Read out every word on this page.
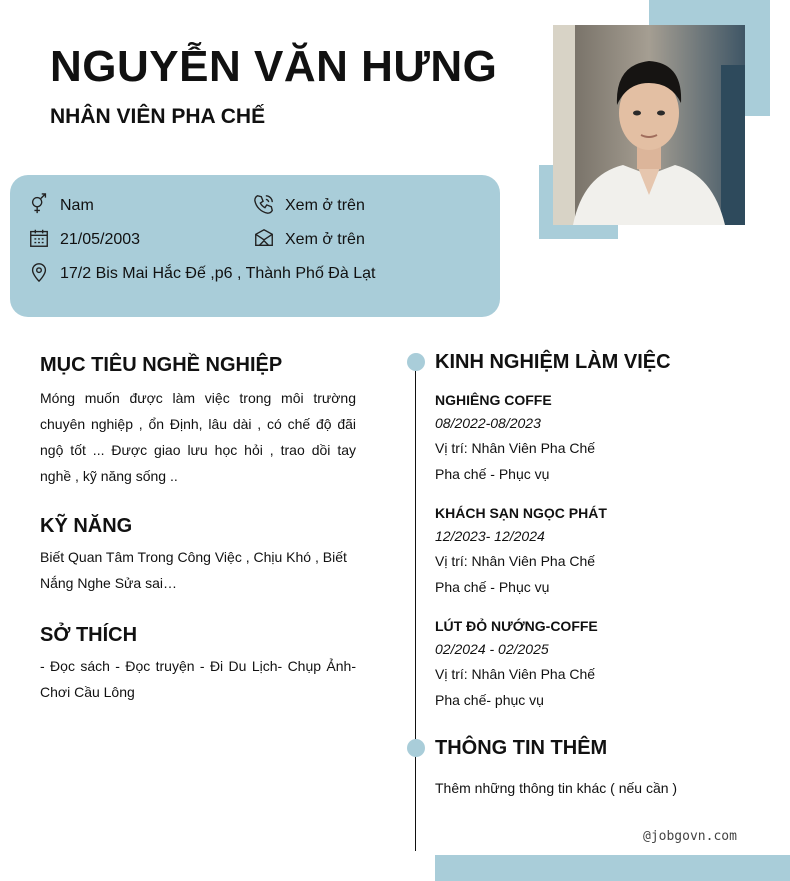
NGUYỄN VĂN HƯNG
NHÂN VIÊN PHA CHẾ
Nam
21/05/2003
17/2 Bis Mai Hắc Đế ,p6 , Thành Phố Đà Lạt
Xem ở trên
Xem ở trên
MỤC TIÊU NGHỀ NGHIỆP

Móng muốn được làm việc trong môi trường chuyên nghiệp , ổn Định, lâu dài , có chế độ đãi ngộ tốt ... Được giao lưu học hỏi , trao dồi tay nghề , kỹ năng sống ..

KỸ NĂNG

Biết Quan Tâm Trong Công Việc , Chịu Khó , Biết Nắng Nghe Sửa sai…

SỞ THÍCH

- Đọc sách - Đọc truyện - Đi Du Lịch- Chụp Ảnh- Chơi Cầu Lông

KINH NGHIỆM LÀM VIỆC

NGHIÊNG COFFE

08/2022-08/2023

Vị trí: Nhân Viên Pha Chế

Pha chế - Phục vụ

KHÁCH SẠN NGỌC PHÁT

12/2023- 12/2024

Vị trí: Nhân Viên Pha Chế

Pha chế - Phục vụ

LÚT ĐỎ NƯỚNG-COFFE

02/2024 - 02/2025

Vị trí: Nhân Viên Pha Chế

Pha chế- phục vụ

THÔNG TIN THÊM

Thêm những thông tin khác ( nếu cần )

@jobgovn.com
